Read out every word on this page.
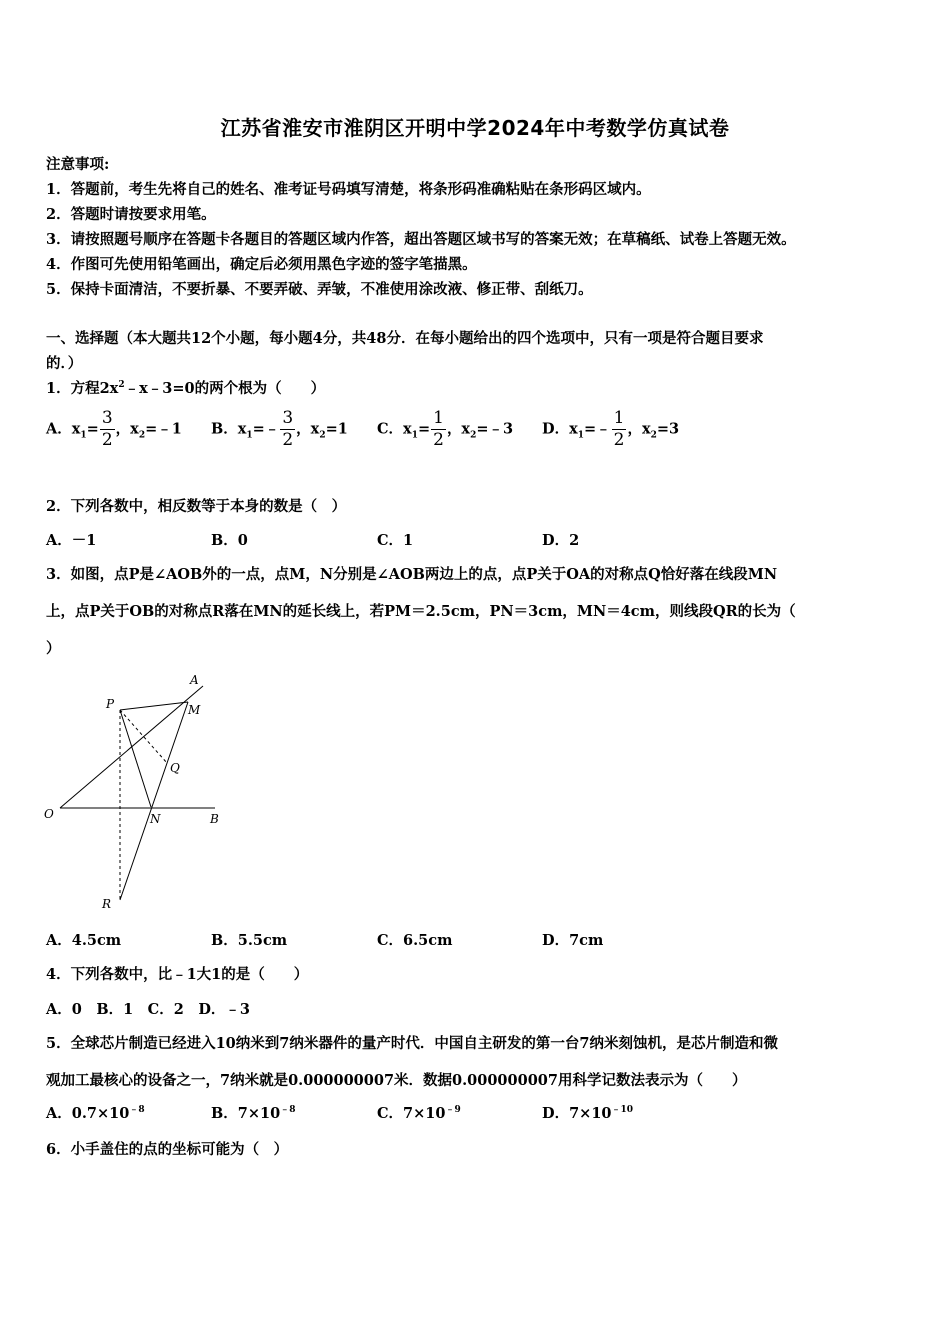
江苏省淮安市淮阴区开明中学2024年中考数学仿真试卷
注意事项:
1．答题前，考生先将自己的姓名、准考证号码填写清楚，将条形码准确粘贴在条形码区域内。
2．答题时请按要求用笔。
3．请按照题号顺序在答题卡各题目的答题区域内作答，超出答题区域书写的答案无效；在草稿纸、试卷上答题无效。
4．作图可先使用铅笔画出，确定后必须用黑色字迹的签字笔描黑。
5．保持卡面清洁，不要折暴、不要弄破、弄皱，不准使用涂改液、修正带、刮纸刀。
一、选择题（本大题共12个小题，每小题4分，共48分．在每小题给出的四个选项中，只有一项是符合题目要求
的．）
1．方程$2x^2﹣x﹣3=0$的两个根为（　　）
A．$x_1= \frac{3}{2}$ ，$x_2=﹣1$ B．$x_1=﹣ \frac{3}{2}$ ，$x_2=1$ C．$x_1= \frac{1}{2}$ ，$x_2=﹣3$ D．$x_1=﹣ \frac{1}{2}$ ，$x_2=3$
2．下列各数中，相反数等于本身的数是（　）
A．－1	B．0	C．1	D．2
3．如图，点P是∠AOB外的一点，点M，N分别是∠AOB两边上的点，点P关于OA的对称点Q恰好落在线段MN
上，点P关于OB的对称点R落在MN的延长线上，若PM＝2.5cm，PN＝3cm，MN＝4cm，则线段QR的长为（
）
A
P	M
Q
O	N	B
R
A．4.5cm	B．5.5cm	C．6.5cm	D．7cm
4．下列各数中，比﹣1大1的是（　　）
A．0　B．1　C．2　D．﹣3
5．全球芯片制造已经进入10纳米到7纳米器件的量产时代．中国自主研发的第一台7纳米刻蚀机，是芯片制造和微
观加工最核心的设备之一，7纳米就是0.000000007米．数据0.000000007用科学记数法表示为（　　）
A．$0.7\times 10^{﹣8}$	B．$7\times 10^{﹣8}$	C．$7\times 10^{﹣9}$	D．$7\times 10^{﹣10}$
6．小手盖住的点的坐标可能为（　）
